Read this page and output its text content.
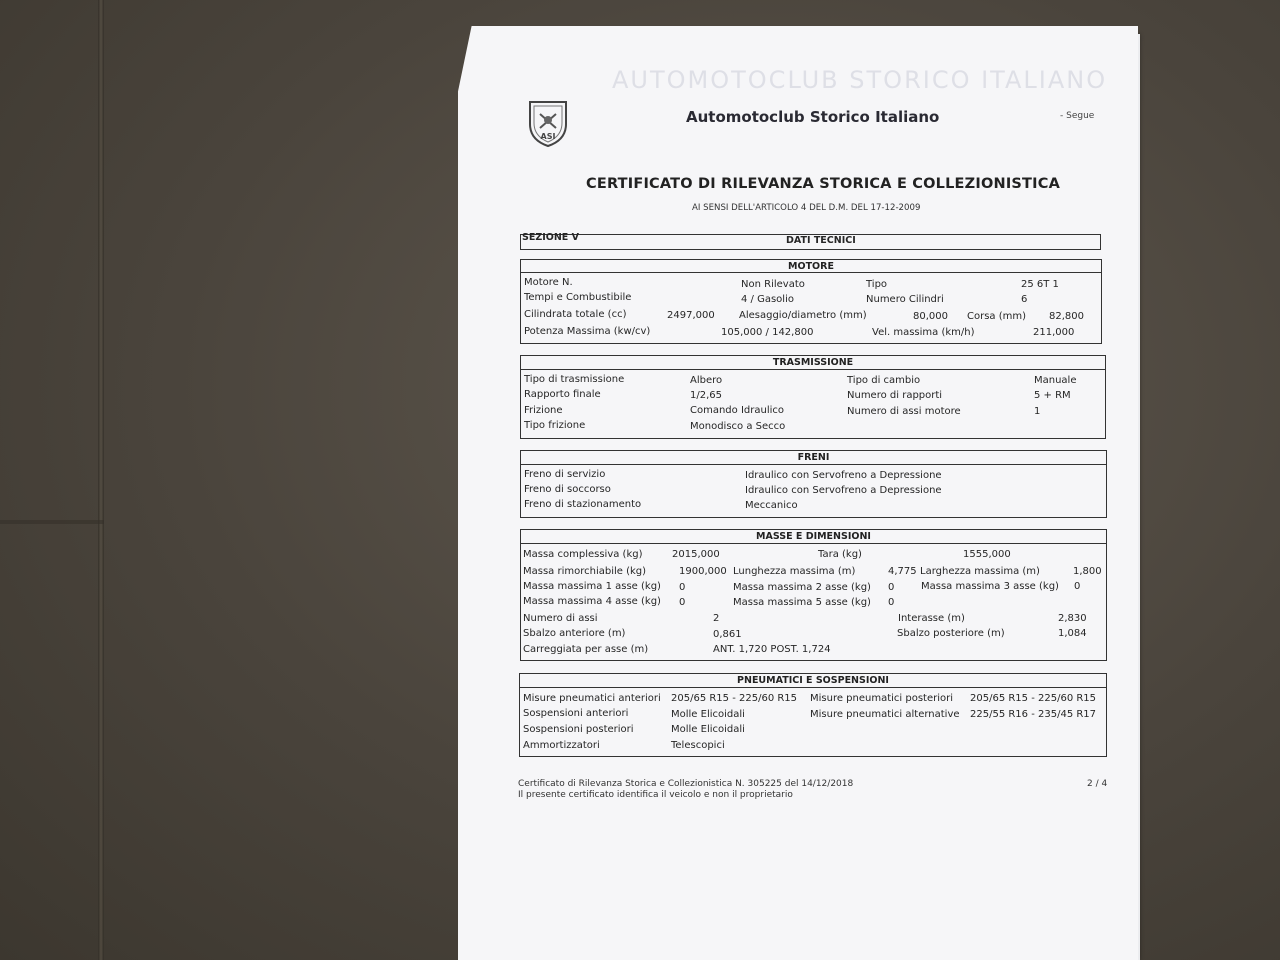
AUTOMOTOCLUB STORICO ITALIANO
ASI
Automotoclub Storico Italiano	- Segue
CERTIFICATO DI RILEVANZA STORICA E COLLEZIONISTICA
AI SENSI DELL'ARTICOLO 4 DEL D.M. DEL 17-12-2009
SEZIONE V	DATI TECNICI
MOTORE
Motore N.	Non Rilevato	Tipo	25 6T 1
Tempi e Combustibile	4 / Gasolio	Numero Cilindri	6
Cilindrata totale (cc)	2497,000 Alesaggio/diametro (mm)	80,000 Corsa (mm) 82,800
Potenza Massima (kw/cv)	105,000 / 142,800	Vel. massima (km/h)	211,000
TRASMISSIONE
Tipo di trasmissione	Albero	Tipo di cambio	Manuale
Rapporto finale	1/2,65	Numero di rapporti	5 + RM
Frizione	Comando Idraulico	Numero di assi motore	1
Tipo frizione	Monodisco a Secco
FRENI
Freno di servizio	Idraulico con Servofreno a Depressione
Freno di soccorso	Idraulico con Servofreno a Depressione
Freno di stazionamento	Meccanico
MASSE E DIMENSIONI
Massa complessiva (kg)	2015,000	Tara (kg)	1555,000
Massa rimorchiabile (kg)	1900,000 Lunghezza massima (m)	4,775 Larghezza massima (m)	1,800
Massa massima 1 asse (kg) 0	Massa massima 2 asse (kg) 0	Massa massima 3 asse (kg) 0
Massa massima 4 asse (kg) 0	Massa massima 5 asse (kg) 0
Numero di assi	2	Interasse (m)	2,830
Sbalzo anteriore (m)	0,861	Sbalzo posteriore (m)	1,084
Carreggiata per asse (m)	ANT. 1,720 POST. 1,724
PNEUMATICI E SOSPENSIONI
Misure pneumatici anteriori 205/65 R15 - 225/60 R15 Misure pneumatici posteriori 205/65 R15 - 225/60 R15
Sospensioni anteriori	Molle Elicoidali	Misure pneumatici alternative 225/55 R16 - 235/45 R17
Sospensioni posteriori	Molle Elicoidali
Ammortizzatori	Telescopici
Certificato di Rilevanza Storica e Collezionistica N. 305225 del 14/12/2018
Il presente certificato identifica il veicolo e non il proprietario
2 / 4
